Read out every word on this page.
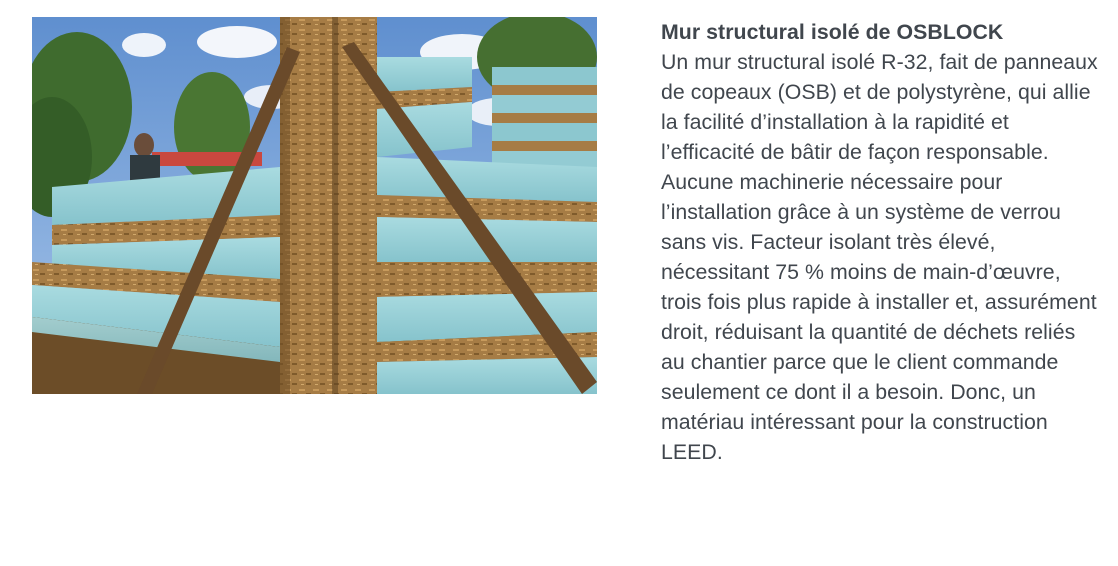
Mur structural isolé de OSBLOCK
Un mur structural isolé R-32, fait de panneaux de copeaux (OSB) et de polystyrène, qui allie la facilité d’installation à la rapidité et l’efficacité de bâtir de façon responsable. Aucune machinerie nécessaire pour l’installation grâce à un système de verrou sans vis. Facteur isolant très élevé, nécessitant 75 % moins de main-d’œuvre, trois fois plus rapide à installer et, assurément droit, réduisant la quantité de déchets reliés au chantier parce que le client commande seulement ce dont il a besoin. Donc, un matériau intéressant pour la construction LEED.
